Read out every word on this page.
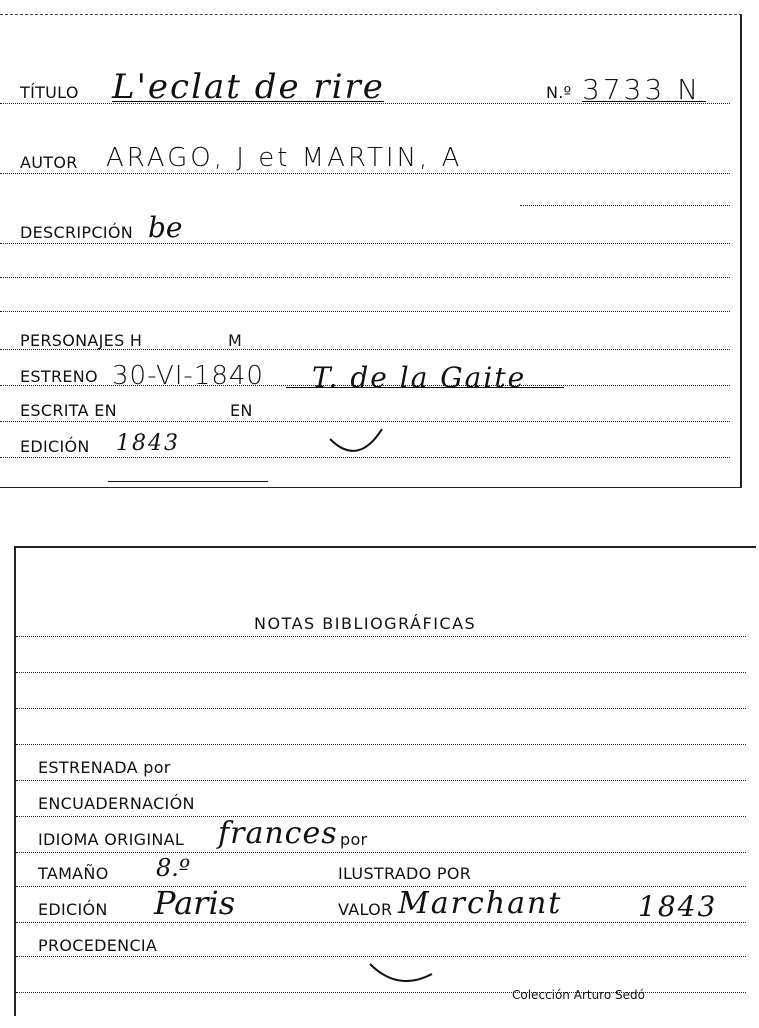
TÍTULO L'eclat de rire	N.º 3733 N
AUTOR ARAGO, J et MARTIN, A
DESCRIPCIÓN be
PERSONAJES H	M
ESTRENO 30-VI-1840 T. de la Gaite
ESCRITA EN	EN
EDICIÓN 1843
NOTAS BIBLIOGRÁFICAS
ESTRENADA por
ENCUADERNACIÓN
IDIOMA ORIGINAL frances por
TAMAÑO 8.º	ILUSTRADO POR
EDICIÓN Paris	VALOR Marchant	1843
PROCEDENCIA
Colección Arturo Sedó
